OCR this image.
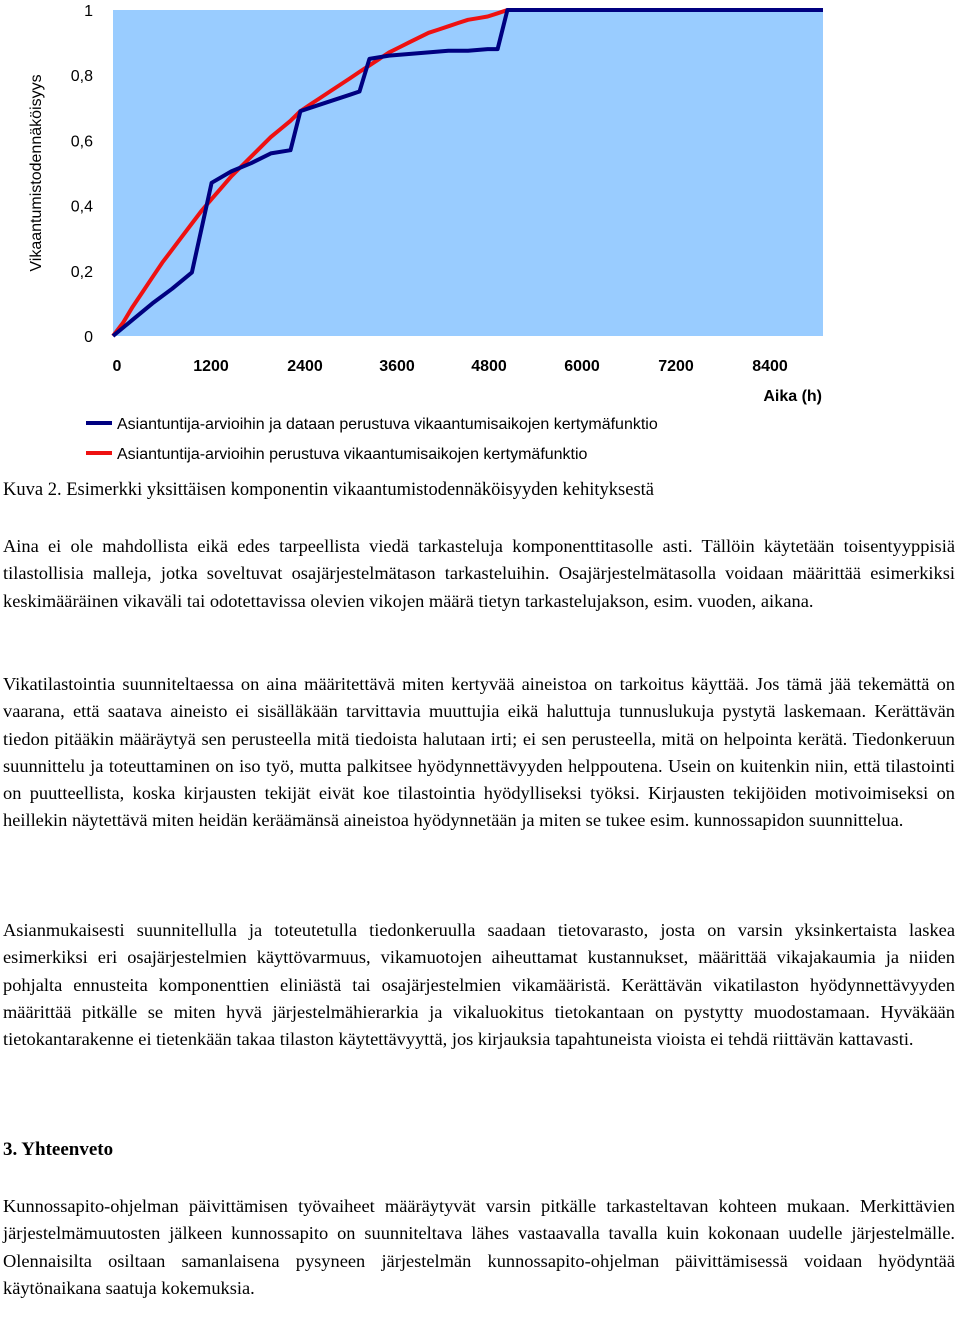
Vikaantumistodennäköisyys
Aika (h)
0
0,2
0,4
0,6
0,8
1
0	1200	2400	3600	4800	6000	7200	8400
Asiantuntija-arvioihin ja dataan perustuva vikaantumisaikojen kertymäfunktio
Asiantuntija-arvioihin perustuva vikaantumisaikojen kertymäfunktio
Kuva 2. Esimerkki yksittäisen komponentin vikaantumistodennäköisyyden kehityksestä

Aina ei ole mahdollista eikä edes tarpeellista viedä tarkasteluja komponenttitasolle asti. Tällöin käytetään toisentyyppisiä tilastollisia malleja, jotka soveltuvat osajärjestelmätason tarkasteluihin. Osajärjestelmätasolla voidaan määrittää esimerkiksi keskimääräinen vikaväli tai odotettavissa olevien vikojen määrä tietyn tarkastelujakson, esim. vuoden, aikana.

Vikatilastointia suunniteltaessa on aina määritettävä miten kertyvää aineistoa on tarkoitus käyttää. Jos tämä jää tekemättä on vaarana, että saatava aineisto ei sisälläkään tarvittavia muuttujia eikä haluttuja tunnuslukuja pystytä laskemaan. Kerättävän tiedon pitääkin määräytyä sen perusteella mitä tiedoista halutaan irti; ei sen perusteella, mitä on helpointa kerätä. Tiedonkeruun suunnittelu ja toteuttaminen on iso työ, mutta palkitsee hyödynnettävyyden helppoutena. Usein on kuitenkin niin, että tilastointi on puutteellista, koska kirjausten tekijät eivät koe tilastointia hyödylliseksi työksi. Kirjausten tekijöiden motivoimiseksi on heillekin näytettävä miten heidän keräämänsä aineistoa hyödynnetään ja miten se tukee esim. kunnossapidon suunnittelua.

Asianmukaisesti suunnitellulla ja toteutetulla tiedonkeruulla saadaan tietovarasto, josta on varsin yksinkertaista laskea esimerkiksi eri osajärjestelmien käyttövarmuus, vikamuotojen aiheuttamat kustannukset, määrittää vikajakaumia ja niiden pohjalta ennusteita komponenttien eliniästä tai osajärjestelmien vikamääristä. Kerättävän vikatilaston hyödynnettävyyden määrittää pitkälle se miten hyvä järjestelmähierarkia ja vikaluokitus tietokantaan on pystytty muodostamaan. Hyväkään tietokantarakenne ei tietenkään takaa tilaston käytettävyyttä, jos kirjauksia tapahtuneista vioista ei tehdä riittävän kattavasti.

3. Yhteenveto

Kunnossapito-ohjelman päivittämisen työvaiheet määräytyvät varsin pitkälle tarkasteltavan kohteen mukaan. Merkittävien järjestelmämuutosten jälkeen kunnossapito on suunniteltava lähes vastaavalla tavalla kuin kokonaan uudelle järjestelmälle. Olennaisilta osiltaan samanlaisena pysyneen järjestelmän kunnossapito-ohjelman päivittämisessä voidaan hyödyntää käytönaikana saatuja kokemuksia.
